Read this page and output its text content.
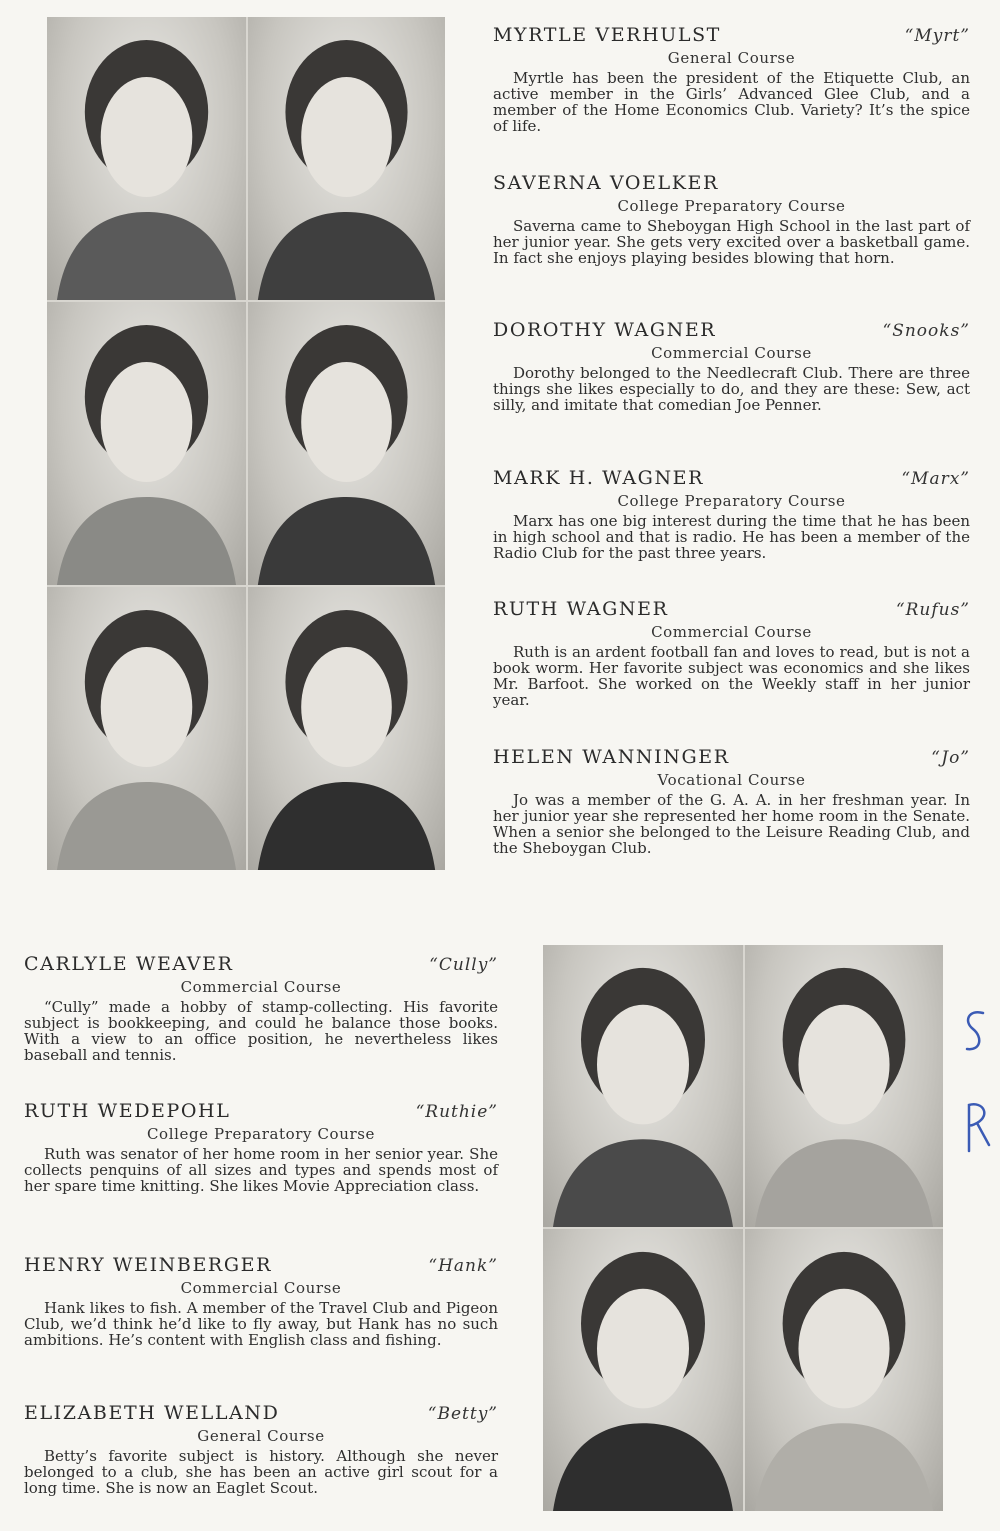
MYRTLE VERHULST	“Myrt”
General Course
Myrtle has been the president of the Etiquette Club, an active member in the Girls’ Advanced Glee Club, and a member of the Home Economics Club. Variety? It’s the spice of life.
SAVERNA VOELKER
College Preparatory Course
Saverna came to Sheboygan High School in the last part of her junior year. She gets very excited over a basketball game. In fact she enjoys playing besides blowing that horn.
DOROTHY WAGNER	“Snooks”
Commercial Course
Dorothy belonged to the Needlecraft Club. There are three things she likes especially to do, and they are these: Sew, act silly, and imitate that comedian Joe Penner.
MARK H. WAGNER	“Marx”
College Preparatory Course
Marx has one big interest during the time that he has been in high school and that is radio. He has been a member of the Radio Club for the past three years.
RUTH WAGNER	“Rufus”
Commercial Course
Ruth is an ardent football fan and loves to read, but is not a book worm. Her favorite subject was economics and she likes Mr. Barfoot. She worked on the Weekly staff in her junior year.
HELEN WANNINGER	“Jo”
Vocational Course
Jo was a member of the G. A. A. in her freshman year. In her junior year she represented her home room in the Senate. When a senior she belonged to the Leisure Reading Club, and the Sheboygan Club.
CARLYLE WEAVER	“Cully”
Commercial Course
“Cully” made a hobby of stamp-collecting. His favorite subject is bookkeeping, and could he balance those books. With a view to an office position, he nevertheless likes baseball and tennis.
RUTH WEDEPOHL	“Ruthie”
College Preparatory Course
Ruth was senator of her home room in her senior year. She collects penquins of all sizes and types and spends most of her spare time knitting. She likes Movie Appreciation class.
HENRY WEINBERGER	“Hank”
Commercial Course
Hank likes to fish. A member of the Travel Club and Pigeon Club, we’d think he’d like to fly away, but Hank has no such ambitions. He’s content with English class and fishing.
ELIZABETH WELLAND	“Betty”
General Course
Betty’s favorite subject is history. Although she never belonged to a club, she has been an active girl scout for a long time. She is now an Eaglet Scout.
